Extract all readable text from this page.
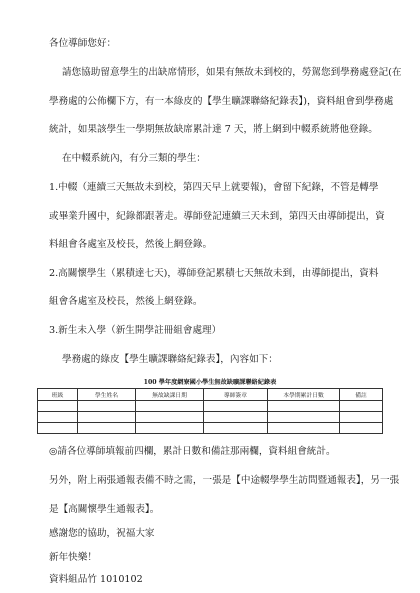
各位導師您好：
請您協助留意學生的出缺席情形，如果有無故未到校的，勞駕您到學務處登記(在
學務處的公佈欄下方，有一本綠皮的【學生曠課聯絡紀錄表】)，資料組會到學務處
統計，如果該學生一學期無故缺席累計達 7 天，將上網到中輟系統將他登錄。
在中輟系統內，有分三類的學生：
1.中輟（連續三天無故未到校，第四天早上就要報)，會留下紀錄，不管是轉學
或畢業升國中，紀錄都跟著走。導師登記連續三天未到，第四天由導師提出，資
料組會各處室及校長，然後上網登錄。
2.高關懷學生（累積達七天)，導師登記累積七天無故未到，由導師提出，資料
組會各處室及校長，然後上網登錄。
3.新生未入學（新生開學註冊組會處理）
學務處的綠皮【學生曠課聯絡紀錄表】，內容如下：
100 學年度網寮國小學生無故缺曠課聯絡紀錄表
班級	學生姓名	無故缺課日期	導師簽章	本學期累計日數	備註

◎請各位導師填報前四欄，累計日數和備註那兩欄，資料組會統計。
另外，附上兩張通報表備不時之需，一張是【中途輟學學生訪問暨通報表】，另一張
是【高關懷學生通報表】。
感謝您的協助，祝福大家
新年快樂！
資料組品竹 1010102
